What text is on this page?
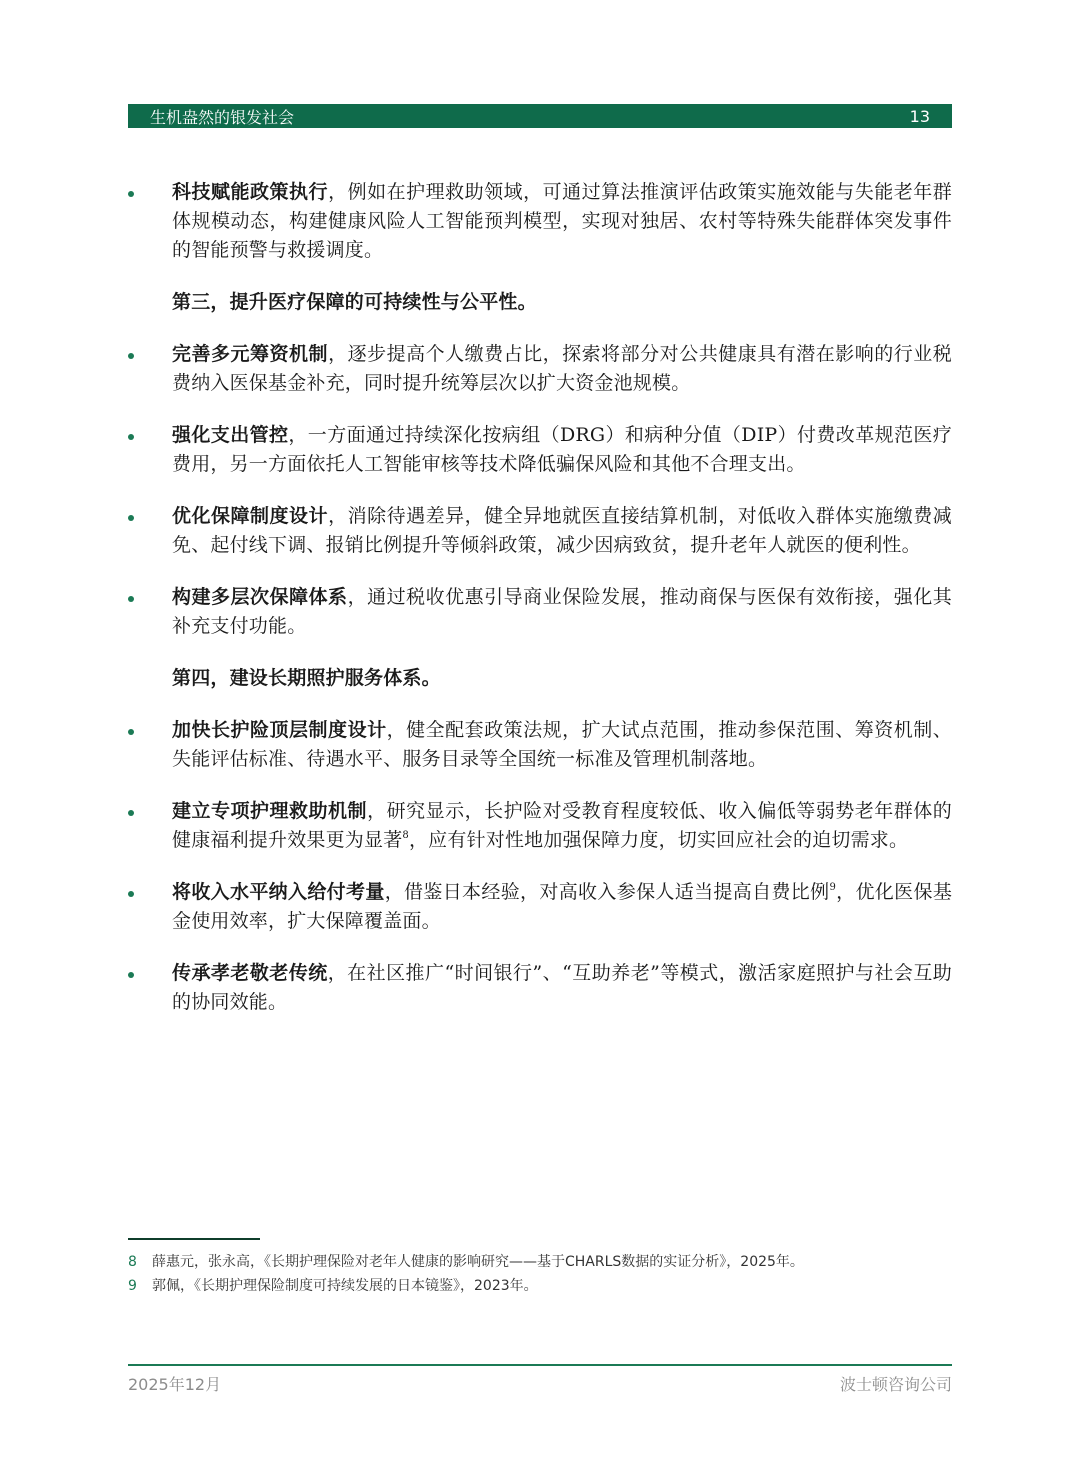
生机盎然的银发社会	13

科技赋能政策执行，例如在护理救助领域，可通过算法推演评估政策实施效能与失能老年群体规模动态，构建健康风险人工智能预判模型，实现对独居、农村等特殊失能群体突发事件的智能预警与救援调度。

第三，提升医疗保障的可持续性与公平性。

完善多元筹资机制，逐步提高个人缴费占比，探索将部分对公共健康具有潜在影响的行业税费纳入医保基金补充，同时提升统筹层次以扩大资金池规模。

强化支出管控，一方面通过持续深化按病组（DRG）和病种分值（DIP）付费改革规范医疗费用，另一方面依托人工智能审核等技术降低骗保风险和其他不合理支出。

优化保障制度设计，消除待遇差异，健全异地就医直接结算机制，对低收入群体实施缴费减免、起付线下调、报销比例提升等倾斜政策，减少因病致贫，提升老年人就医的便利性。

构建多层次保障体系，通过税收优惠引导商业保险发展，推动商保与医保有效衔接，强化其补充支付功能。

第四，建设长期照护服务体系。

加快长护险顶层制度设计，健全配套政策法规，扩大试点范围，推动参保范围、筹资机制、失能评估标准、待遇水平、服务目录等全国统一标准及管理机制落地。

建立专项护理救助机制，研究显示，长护险对受教育程度较低、收入偏低等弱势老年群体的健康福利提升效果更为显著$^8$，应有针对性地加强保障力度，切实回应社会的迫切需求。

将收入水平纳入给付考量，借鉴日本经验，对高收入参保人适当提高自费比例$^9$，优化医保基金使用效率，扩大保障覆盖面。

传承孝老敬老传统，在社区推广“时间银行”、“互助养老”等模式，激活家庭照护与社会互助的协同效能。

8	薛惠元，张永高，《长期护理保险对老年人健康的影响研究——基于CHARLS数据的实证分析》，2025年。
9	郭佩，《长期护理保险制度可持续发展的日本镜鉴》，2023年。
2025年12月	波士顿咨询公司
